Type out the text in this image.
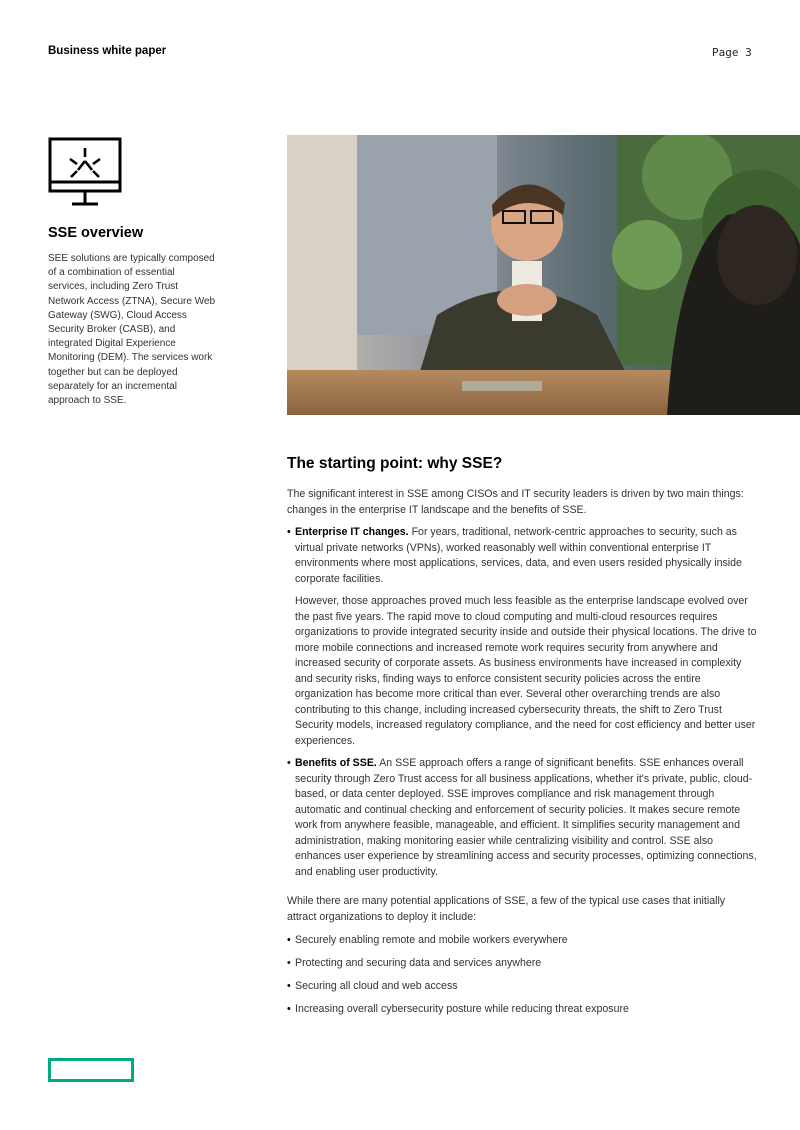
Business white paper	Page 3
SSE overview
SEE solutions are typically composed of a combination of essential services, including Zero Trust Network Access (ZTNA), Secure Web Gateway (SWG), Cloud Access Security Broker (CASB), and integrated Digital Experience Monitoring (DEM). The services work together but can be deployed separately for an incremental approach to SSE.
The starting point: why SSE?
The significant interest in SSE among CISOs and IT security leaders is driven by two main things: changes in the enterprise IT landscape and the benefits of SSE.
• Enterprise IT changes. For years, traditional, network-centric approaches to security, such as virtual private networks (VPNs), worked reasonably well within conventional enterprise IT environments where most applications, services, data, and even users resided physically inside corporate facilities.
However, those approaches proved much less feasible as the enterprise landscape evolved over the past five years. The rapid move to cloud computing and multi-cloud resources requires organizations to provide integrated security inside and outside their physical locations. The drive to more mobile connections and increased remote work requires security from anywhere and increased security of corporate assets. As business environments have increased in complexity and security risks, finding ways to enforce consistent security policies across the entire organization has become more critical than ever. Several other overarching trends are also contributing to this change, including increased cybersecurity threats, the shift to Zero Trust Security models, increased regulatory compliance, and the need for cost efficiency and better user experiences.
• Benefits of SSE. An SSE approach offers a range of significant benefits. SSE enhances overall security through Zero Trust access for all business applications, whether it's private, public, cloud-based, or data center deployed. SSE improves compliance and risk management through automatic and continual checking and enforcement of security policies. It makes secure remote work from anywhere feasible, manageable, and efficient. It simplifies security management and administration, making monitoring easier while centralizing visibility and control. SSE also enhances user experience by streamlining access and security processes, optimizing connections, and enabling user productivity.
While there are many potential applications of SSE, a few of the typical use cases that initially attract organizations to deploy it include:
• Securely enabling remote and mobile workers everywhere
• Protecting and securing data and services anywhere
• Securing all cloud and web access
• Increasing overall cybersecurity posture while reducing threat exposure
